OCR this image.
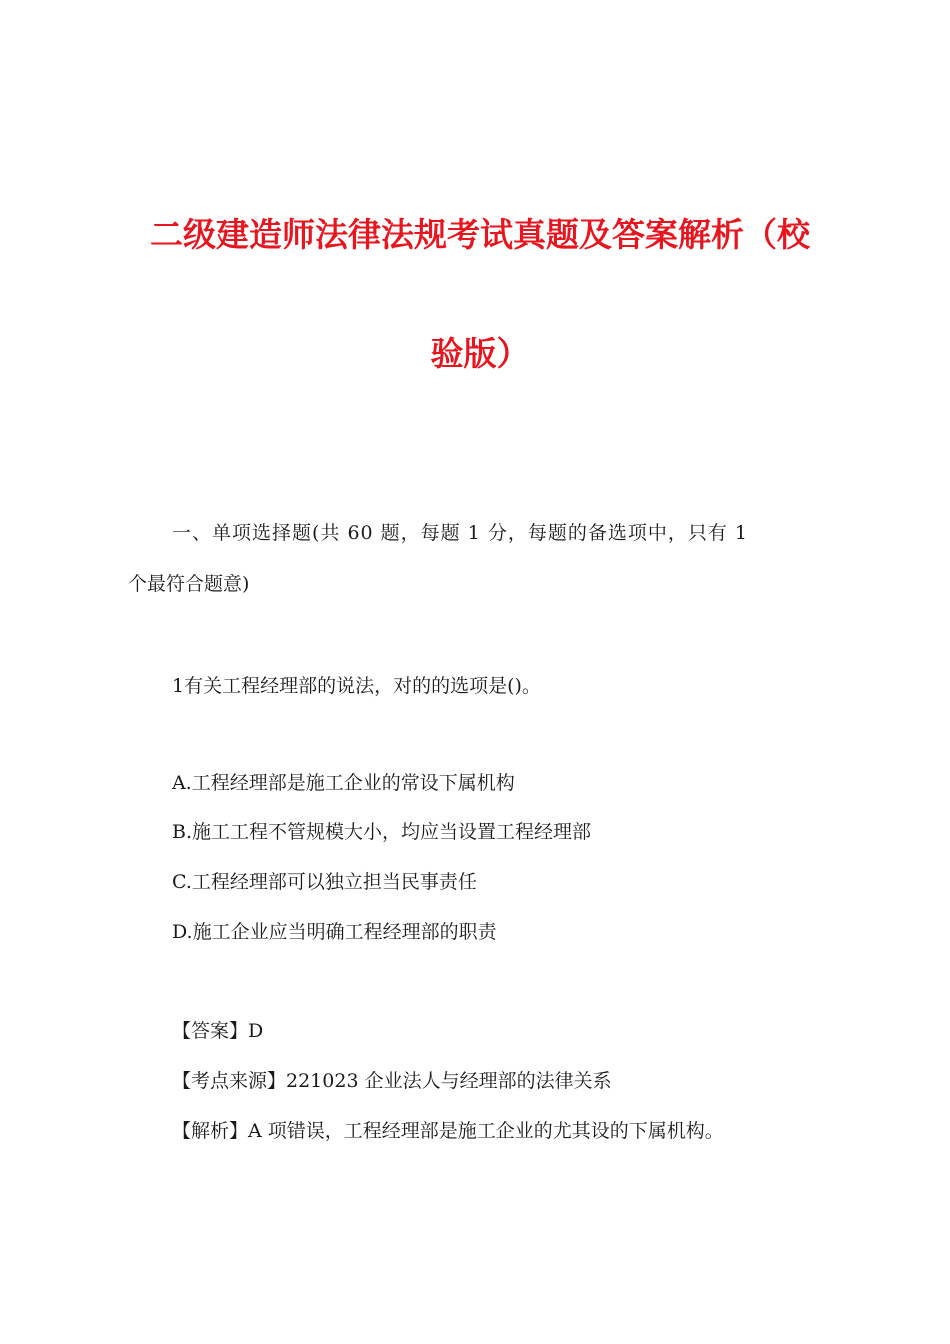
二级建造师法律法规考试真题及答案解析（校
验版）

一、单项选择题(共 60 题，每题 1 分，每题的备选项中，只有 1

个最符合题意)

1有关工程经理部的说法，对的的选项是()。

A.工程经理部是施工企业的常设下属机构

B.施工工程不管规模大小，均应当设置工程经理部

C.工程经理部可以独立担当民事责任

D.施工企业应当明确工程经理部的职责

【答案】D

【考点来源】221023 企业法人与经理部的法律关系

【解析】A 项错误，工程经理部是施工企业的尤其设的下属机构。
